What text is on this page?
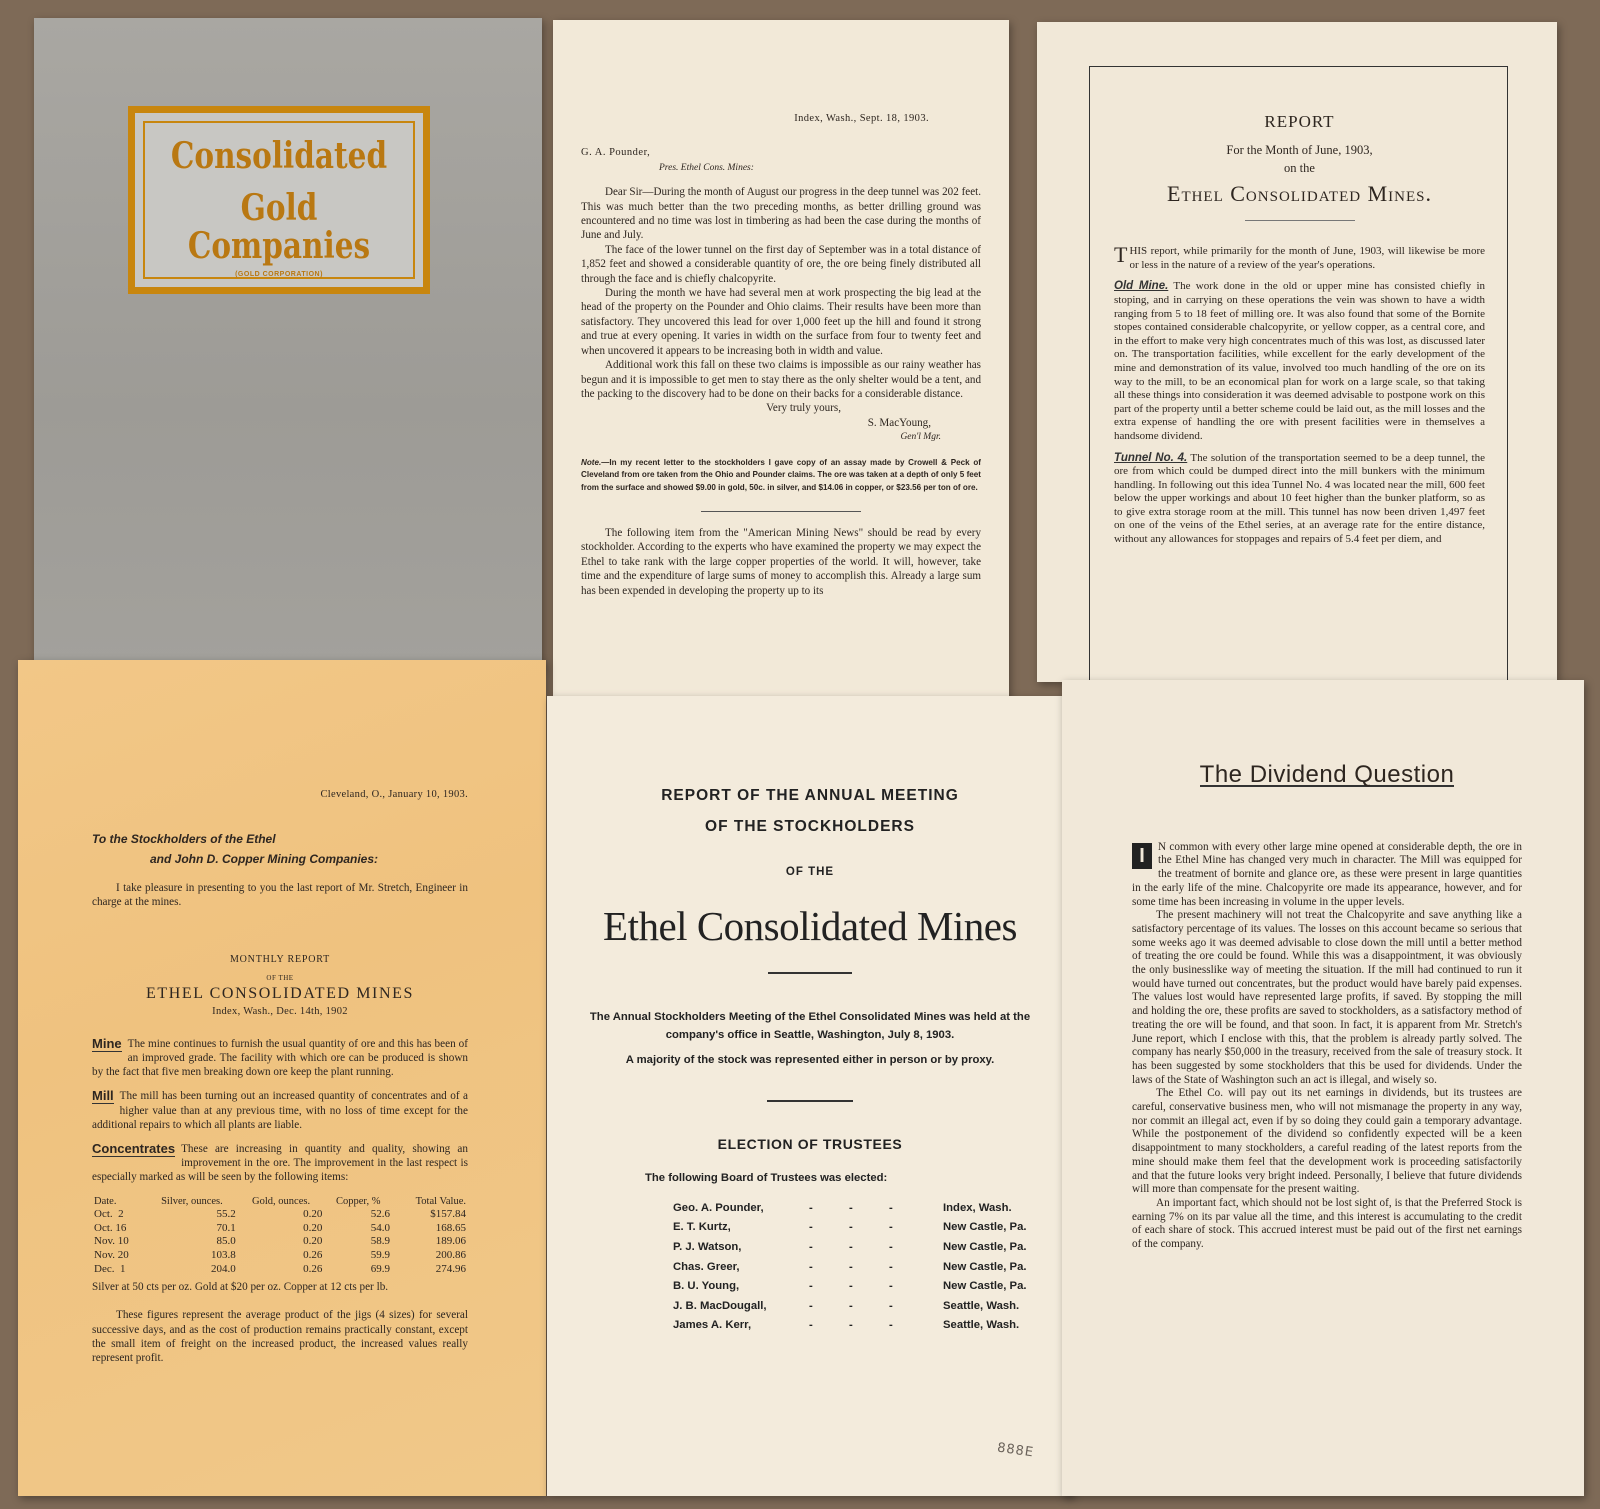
Consolidated
Gold Companies
(GOLD CORPORATION)
Index, Wash., Sept. 18, 1903.
G. A. Pounder,
Pres. Ethel Cons. Mines:

Dear Sir—During the month of August our progress in the deep tunnel was 202 feet. This was much better than the two preceding months, as better drilling ground was encountered and no time was lost in timbering as had been the case during the months of June and July.

The face of the lower tunnel on the first day of September was in a total distance of 1,852 feet and showed a considerable quantity of ore, the ore being finely distributed all through the face and is chiefly chalcopyrite.

During the month we have had several men at work prospecting the big lead at the head of the property on the Pounder and Ohio claims. Their results have been more than satisfactory. They uncovered this lead for over 1,000 feet up the hill and found it strong and true at every opening. It varies in width on the surface from four to twenty feet and when uncovered it appears to be increasing both in width and value.

Additional work this fall on these two claims is impossible as our rainy weather has begun and it is impossible to get men to stay there as the only shelter would be a tent, and the packing to the discovery had to be done on their backs for a considerable distance.

Very truly yours,
S. MacYoung,
Gen'l Mgr.

Note.—In my recent letter to the stockholders I gave copy of an assay made by Crowell & Peck of Cleveland from ore taken from the Ohio and Pounder claims. The ore was taken at a depth of only 5 feet from the surface and showed $9.00 in gold, 50c. in silver, and $14.06 in copper, or $23.56 per ton of ore.

The following item from the "American Mining News" should be read by every stockholder. According to the experts who have examined the property we may expect the Ethel to take rank with the large copper properties of the world. It will, however, take time and the expenditure of large sums of money to accomplish this. Already a large sum has been expended in developing the property up to its

REPORT
For the Month of June, 1903,
on the
Ethel Consolidated Mines.

THIS report, while primarily for the month of June, 1903, will likewise be more or less in the nature of a review of the year's operations.

Old Mine. The work done in the old or upper mine has consisted chiefly in stoping, and in carrying on these operations the vein was shown to have a width ranging from 5 to 18 feet of milling ore. It was also found that some of the Bornite stopes contained considerable chalcopyrite, or yellow copper, as a central core, and in the effort to make very high concentrates much of this was lost, as discussed later on. The transportation facilities, while excellent for the early development of the mine and demonstration of its value, involved too much handling of the ore on its way to the mill, to be an economical plan for work on a large scale, so that taking all these things into consideration it was deemed advisable to postpone work on this part of the property until a better scheme could be laid out, as the mill losses and the extra expense of handling the ore with present facilities were in themselves a handsome dividend.

Tunnel No. 4. The solution of the transportation seemed to be a deep tunnel, the ore from which could be dumped direct into the mill bunkers with the minimum handling. In following out this idea Tunnel No. 4 was located near the mill, 600 feet below the upper workings and about 10 feet higher than the bunker platform, so as to give extra storage room at the mill. This tunnel has now been driven 1,497 feet on one of the veins of the Ethel series, at an average rate for the entire distance, without any allowances for stoppages and repairs of 5.4 feet per diem, and

Cleveland, O., January 10, 1903.
To the Stockholders of the Ethel
and John D. Copper Mining Companies:

I take pleasure in presenting to you the last report of Mr. Stretch, Engineer in charge at the mines.

MONTHLY REPORT
OF THE
ETHEL CONSOLIDATED MINES
Index, Wash., Dec. 14th, 1902

Mine The mine continues to furnish the usual quantity of ore and this has been of an improved grade. The facility with which ore can be produced is shown by the fact that five men breaking down ore keep the plant running.

Mill The mill has been turning out an increased quantity of concentrates and of a higher value than at any previous time, with no loss of time except for the additional repairs to which all plants are liable.

Concentrates These are increasing in quantity and quality, showing an improvement in the ore. The improvement in the last respect is especially marked as will be seen by the following items:

Date.	Silver, ounces.	Gold, ounces.	Copper, %	Total Value.
Oct.  2	55.2	0.20	52.6	$157.84
Oct. 16	70.1	0.20	54.0	168.65
Nov. 10	85.0	0.20	58.9	189.06
Nov. 20	103.8	0.26	59.9	200.86
Dec.  1	204.0	0.26	69.9	274.96

Silver at 50 cts per oz. Gold at $20 per oz. Copper at 12 cts per lb.

These figures represent the average product of the jigs (4 sizes) for several successive days, and as the cost of production remains practically constant, except the small item of freight on the increased product, the increased values really represent profit.

REPORT OF THE ANNUAL MEETING
OF THE STOCKHOLDERS
OF THE
Ethel Consolidated Mines
The Annual Stockholders Meeting of the Ethel Consolidated Mines was held at the company's office in Seattle, Washington, July 8, 1903.
A majority of the stock was represented either in person or by proxy.
ELECTION OF TRUSTEES
The following Board of Trustees was elected:
Geo. A. Pounder,	-	-	-	Index, Wash.
E. T. Kurtz,	-	-	-	New Castle, Pa.
P. J. Watson,	-	-	-	New Castle, Pa.
Chas. Greer,	-	-	-	New Castle, Pa.
B. U. Young,	-	-	-	New Castle, Pa.
J. B. MacDougall,	-	-	-	Seattle, Wash.
James A. Kerr,	-	-	-	Seattle, Wash.
888E
The Dividend Question

I	N common with every other large mine opened at considerable depth, the ore in the Ethel Mine has changed very much in character. The Mill was equipped for the treatment of bornite and glance ore, as these were present in large quantities in the early life of the mine. Chalcopyrite ore made its appearance, however, and for some time has been increasing in volume in the upper levels.

The present machinery will not treat the Chalcopyrite and save anything like a satisfactory percentage of its values. The losses on this account became so serious that some weeks ago it was deemed advisable to close down the mill until a better method of treating the ore could be found. While this was a disappointment, it was obviously the only businesslike way of meeting the situation. If the mill had continued to run it would have turned out concentrates, but the product would have barely paid expenses. The values lost would have represented large profits, if saved. By stopping the mill and holding the ore, these profits are saved to stockholders, as a satisfactory method of treating the ore will be found, and that soon. In fact, it is apparent from Mr. Stretch's June report, which I enclose with this, that the problem is already partly solved. The company has nearly $50,000 in the treasury, received from the sale of treasury stock. It has been suggested by some stockholders that this be used for dividends. Under the laws of the State of Washington such an act is illegal, and wisely so.

The Ethel Co. will pay out its net earnings in dividends, but its trustees are careful, conservative business men, who will not mismanage the property in any way, nor commit an illegal act, even if by so doing they could gain a temporary advantage. While the postponement of the dividend so confidently expected will be a keen disappointment to many stockholders, a careful reading of the latest reports from the mine should make them feel that the development work is proceeding satisfactorily and that the future looks very bright indeed. Personally, I believe that future dividends will more than compensate for the present waiting.

An important fact, which should not be lost sight of, is that the Preferred Stock is earning 7% on its par value all the time, and this interest is accumulating to the credit of each share of stock. This accrued interest must be paid out of the first net earnings of the company.
